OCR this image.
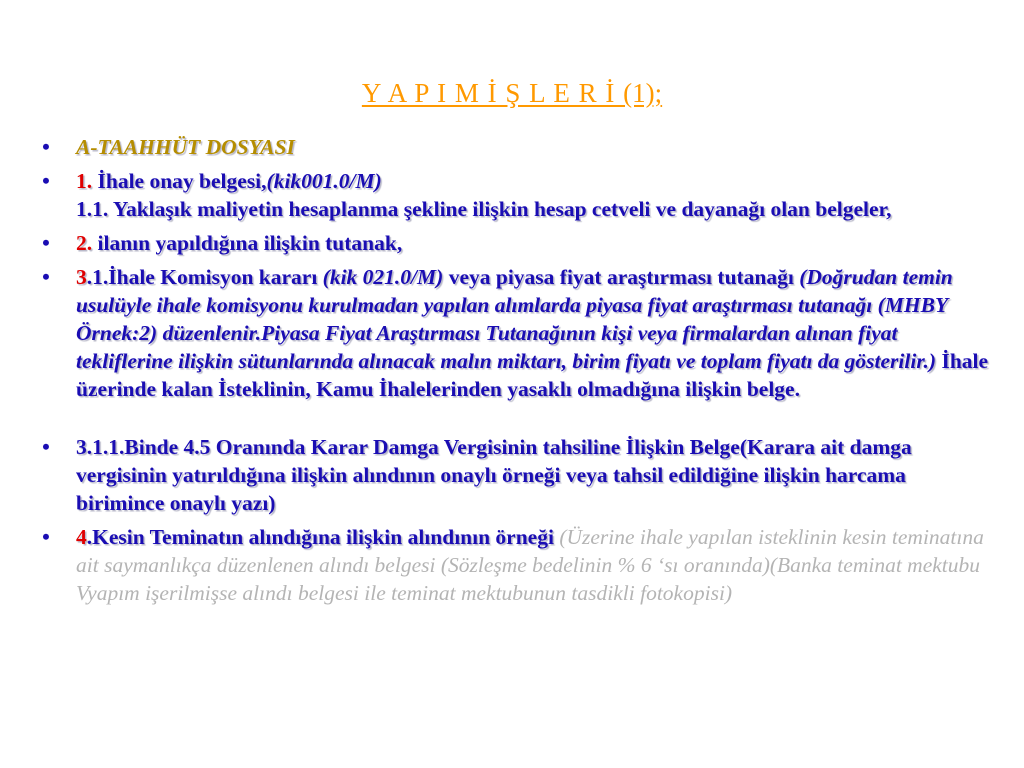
Y A P I M İ Ş L E R İ (1);
• A-TAAHHÜT DOSYASI
• 1. İhale onay belgesi,(kik001.0/M)
1.1. Yaklaşık maliyetin hesaplanma şekline ilişkin hesap cetveli ve dayanağı olan belgeler,
• 2. ilanın yapıldığına ilişkin tutanak,
• 3.1.İhale Komisyon kararı (kik 021.0/M) veya piyasa fiyat araştırması tutanağı (Doğrudan temin usulüyle ihale komisyonu kurulmadan yapılan alımlarda piyasa fiyat araştırması tutanağı (MHBY Örnek:2) düzenlenir.Piyasa Fiyat Araştırması Tutanağının kişi veya firmalardan alınan fiyat tekliflerine ilişkin sütunlarında alınacak malın miktarı, birim fiyatı ve toplam fiyatı da gösterilir.) İhale üzerinde kalan İsteklinin, Kamu İhalelerinden yasaklı olmadığına ilişkin belge.
• 3.1.1.Binde 4.5 Oranında Karar Damga Vergisinin tahsiline İlişkin Belge(Karara ait damga vergisinin yatırıldığına ilişkin alındının onaylı örneği veya tahsil edildiğine ilişkin harcama birimince onaylı yazı)
• 4.Kesin Teminatın alındığına ilişkin alındının örneği (Üzerine ihale yapılan isteklinin kesin teminatına ait saymanlıkça düzenlenen alındı belgesi (Sözleşme bedelinin % 6 ‘sı oranında)(Banka teminat mektubu Vyapım işerilmişse alındı belgesi ile teminat mektubunun tasdikli fotokopisi)
